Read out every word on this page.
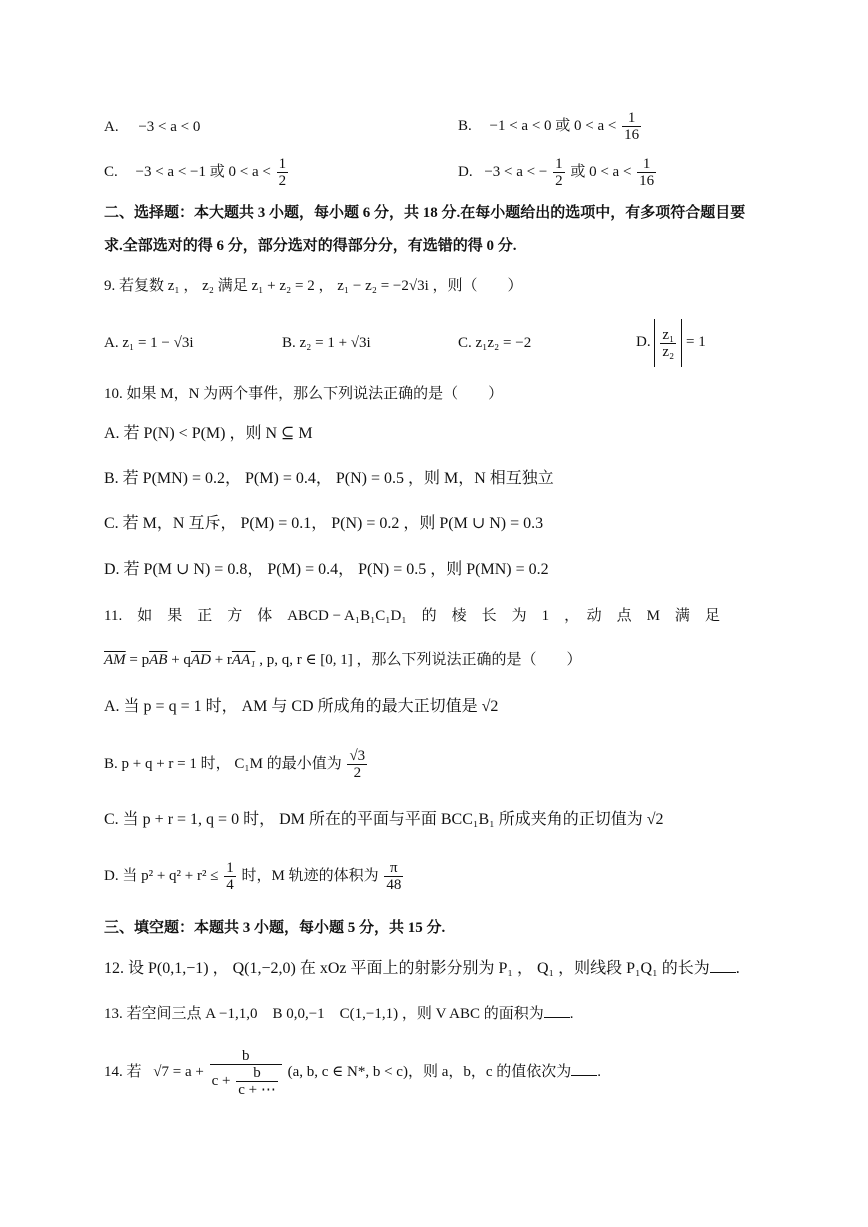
A. −3 < a < 0	B. −1 < a < 0 或 $0 < a < \frac{1}{16}$
C. −3 < a < −1 或 $0 < a < \frac{1}{2}$	D. −3 < a < − $\frac{1}{2}$ 或 $0 < a < \frac{1}{16}$
二、选择题：本大题共 3 小题，每小题 6 分，共 18 分.在每小题给出的选项中，有多项符合题目要
求.全部选对的得 6 分，部分选对的得部分分，有选错的得 0 分.
9. 若复数 z₁ ， z₂ 满足 z₁ + z₂ = 2 ， z₁ − z₂ = −2√3i ，则（　　）
A. z₁ = 1 − √3i	B. z₂ = 1 + √3i	C. z₁z₂ = −2	D. $\frac{\text{z₁}}{\text{z₂}} = 1$
10. 如果 M，N 为两个事件，那么下列说法正确的是（　　）
A. 若 P(N) < P(M) ，则 N ⊆ M
B. 若 P(MN) = 0.2， P(M) = 0.4， P(N) = 0.5 ，则 M，N 相互独立
C. 若 M，N 互斥， P(M) = 0.1， P(N) = 0.2 ，则 P(M ∪ N) = 0.3
D. 若 P(M ∪ N) = 0.8， P(M) = 0.4， P(N) = 0.5 ，则 P(MN) = 0.2
11.　如　果　正　方　体　ABCD − A₁B₁C₁D₁　的　棱　长　为　1　，　动　点　M　满　足
$\overline{AM} = p\overline{AB} + q\overline{AD} + rAA_1$ , p, q, r ∈ [0, 1] ，那么下列说法正确的是（　　）
A. 当 p = q = 1 时， AM 与 CD 所成角的最大正切值是 √2
B. p + q + r = 1 时， C₁M 的最小值为 $\frac{√3}{2}$
C. 当 p + r = 1, q = 0 时， DM 所在的平面与平面 BCC₁B₁ 所成夹角的正切值为 √2
D. 当 $p^2 + q^2 + r^2 \le \frac{1}{4}$ 时，M 轨迹的体积为 $\frac{\pi}{48}$
三、填空题：本题共 3 小题，每小题 5 分，共 15 分.
12. 设 P(0,1,−1) ， Q(1,−2,0) 在 xOz 平面上的射影分别为 P₁ ， Q₁ ，则线段 P₁Q₁ 的长为 .
13. 若空间三点 A −1,1,0　B 0,0,−1　C(1,−1,1) ，则 V ABC 的面积为 .
14. 若 $√7 = a + \frac{b}{c + \frac{b}{c + \cdots}} (a$, b, c ∈ N*, b < c)，则 a，b，c 的值依次为 .
